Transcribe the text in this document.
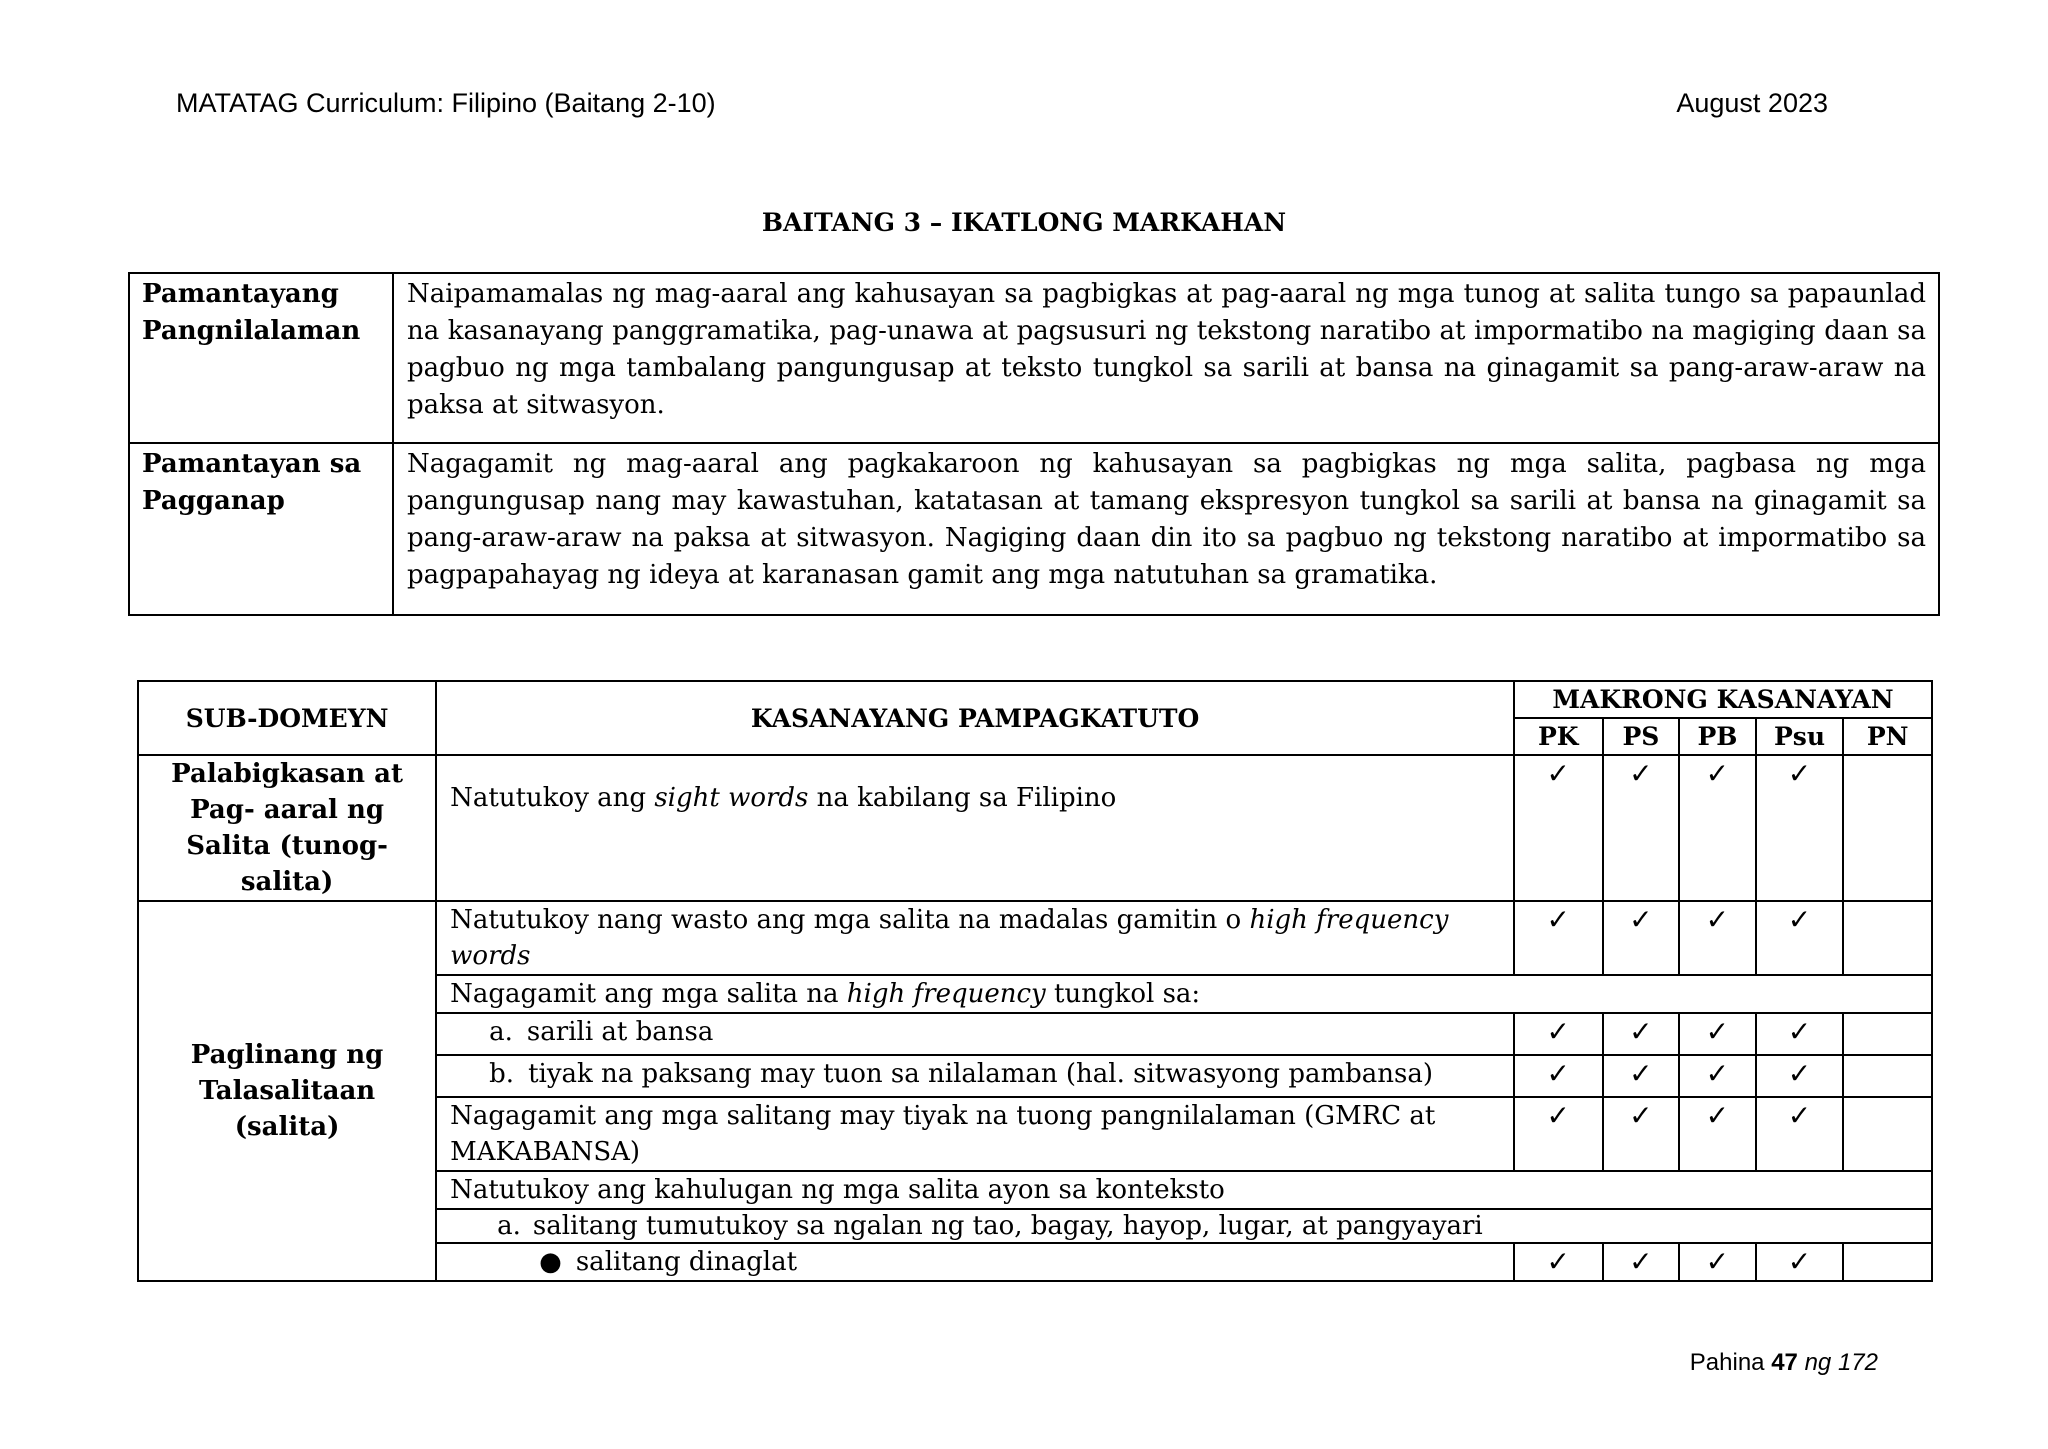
MATATAG Curriculum: Filipino (Baitang 2-10)	August 2023
BAITANG 3 – IKATLONG MARKAHAN
Pamantayang
Pangnilalaman	Naipamamalas ng mag-aaral ang kahusayan sa pagbigkas at pag-aaral ng mga tunog at salita tungo sa papaunlad na kasanayang panggramatika, pag-unawa at pagsusuri ng tekstong naratibo at impormatibo na magiging daan sa pagbuo ng mga tambalang pangungusap at teksto tungkol sa sarili at bansa na ginagamit sa pang-araw-araw na paksa at sitwasyon.

Pamantayan sa
Pagganap	Nagagamit ng mag-aaral ang pagkakaroon ng kahusayan sa pagbigkas ng mga salita, pagbasa ng mga pangungusap nang may kawastuhan, katatasan at tamang ekspresyon tungkol sa sarili at bansa na ginagamit sa pang-araw-araw na paksa at sitwasyon. Nagiging daan din ito sa pagbuo ng tekstong naratibo at impormatibo sa pagpapahayag ng ideya at karanasan gamit ang mga natutuhan sa gramatika.
SUB-DOMEYN	KASANAYANG PAMPAGKATUTO	MAKRONG KASANAYAN				
		PK	PS	PB	Psu	PN

Palabigkasan at
Pag- aaral ng
Salita (tunog-
salita)	Natutukoy ang sight words na kabilang sa Filipino	✓	✓	✓	✓	

Paglinang ng
Talasalitaan
(salita)	Natutukoy nang wasto ang mga salita na madalas gamitin o high frequency words	✓	✓	✓	✓	
	Nagagamit ang mga salita na high frequency tungkol sa:					
	a. sarili at bansa	✓	✓	✓	✓	
	b. tiyak na paksang may tuon sa nilalaman (hal. sitwasyong pambansa)	✓	✓	✓	✓	
	Nagagamit ang mga salitang may tiyak na tuong pangnilalaman (GMRC at MAKABANSA)	✓	✓	✓	✓	
	Natutukoy ang kahulugan ng mga salita ayon sa konteksto					
	a. salitang tumutukoy sa ngalan ng tao, bagay, hayop, lugar, at pangyayari					
	● salitang dinaglat	✓	✓	✓	✓	
Pahina 47 ng 172
